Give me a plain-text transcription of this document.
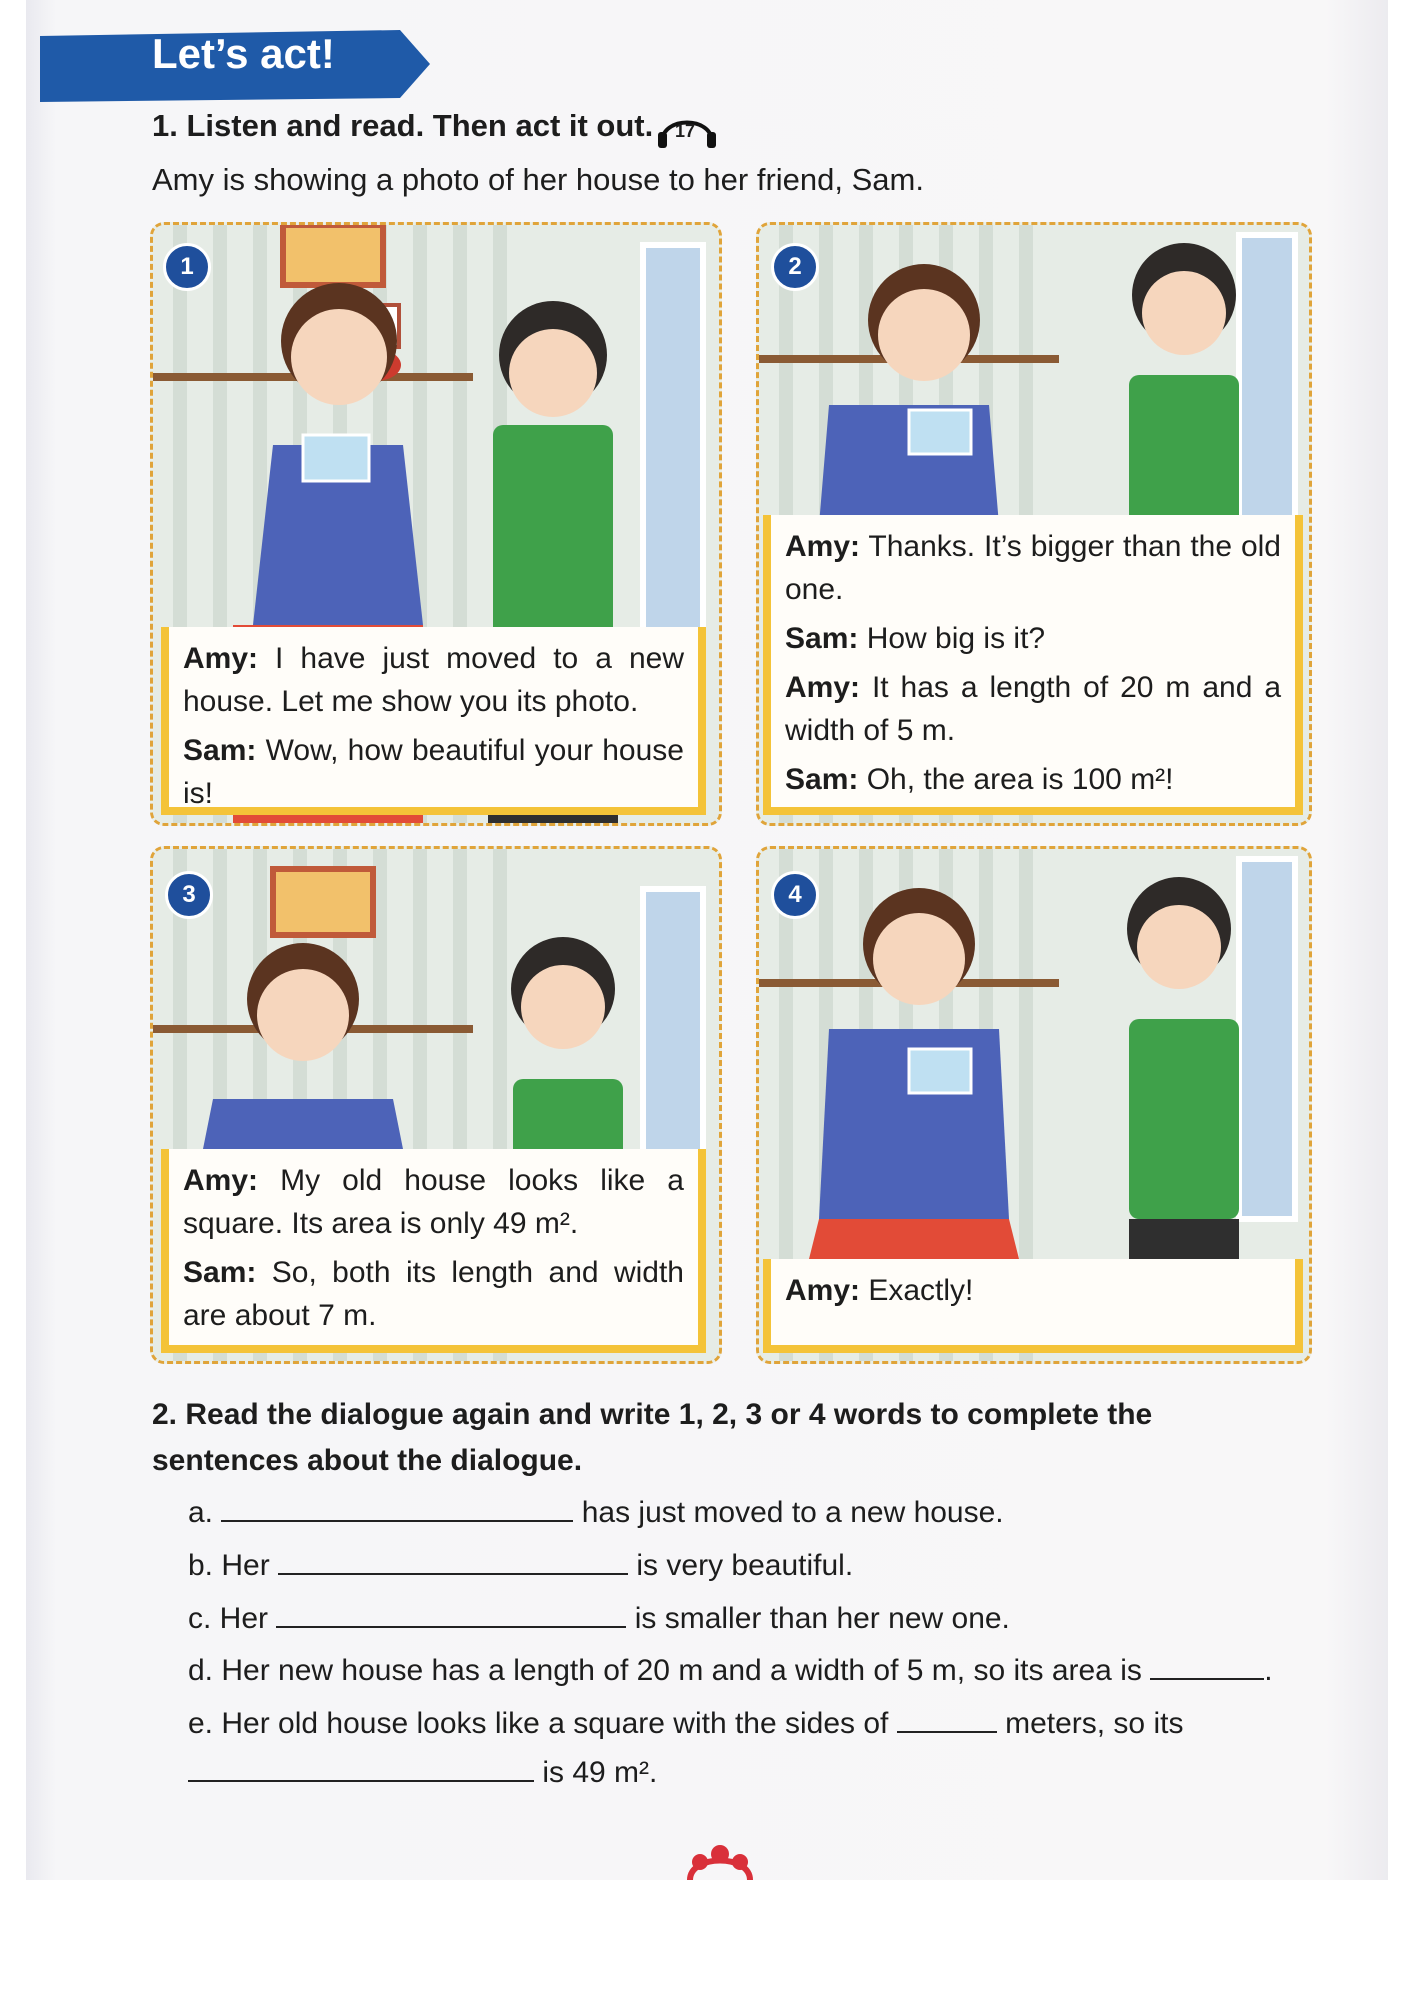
Let’s act!
1. Listen and read. Then act it out. 17
Amy is showing a photo of her house to her friend, Sam.
1

Amy: I have just moved to a new house. Let me show you its photo.

Sam: Wow, how beautiful your house is!

2

Amy: Thanks. It’s bigger than the old one.

Sam: How big is it?

Amy: It has a length of 20 m and a width of 5 m.

Sam: Oh, the area is 100 m²!

3

Amy: My old house looks like a square. Its area is only 49 m².

Sam: So, both its length and width are about 7 m.

4

Amy: Exactly!

2. Read the dialogue again and write 1, 2, 3 or 4 words to complete the sentences about the dialogue.
a.	has just moved to a new house.
b. Her	is very beautiful.
c. Her	is smaller than her new one.
d. Her new house has a length of 20 m and a width of 5 m, so its area is	.
e. Her old house looks like a square with the sides of	meters, so its
is 49 m².
